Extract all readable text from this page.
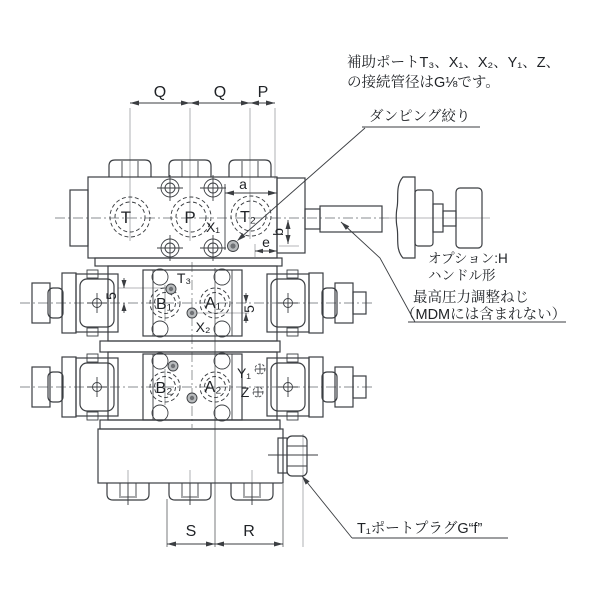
Q	Q P
T	P	T₂
X₁
a
b
e
T₃
B₁ A₁
X₂
5
5
B₂ A₂
Y₁
Z
S	R
補助ポートT₃、X₁、X₂、Y₁、Z、
の接続管径はG⅛です。
ダンピング絞り
オプション:H
ハンドル形
最高圧力調整ねじ
（MDMには含まれない）
T₁ポートプラグG“f”
